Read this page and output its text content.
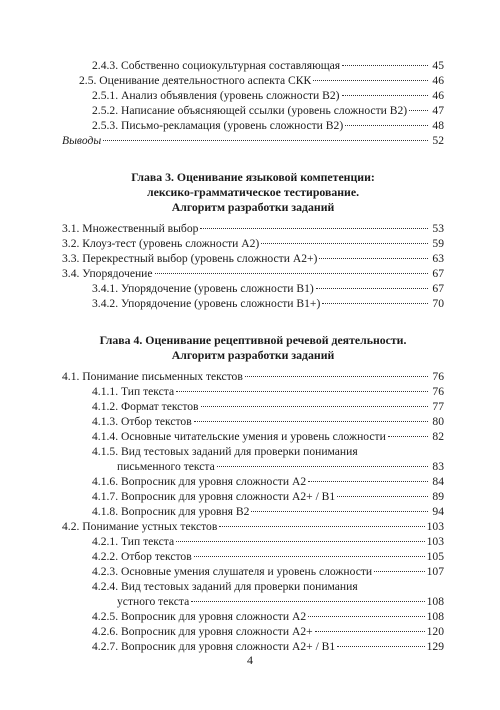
2.4.3. Собственно социокультурная составляющая	45
2.5. Оценивание деятельностного аспекта СКК	46
2.5.1. Анализ объявления (уровень сложности В2)	46
2.5.2. Написание объясняющей ссылки (уровень сложности В2) 47
2.5.3. Письмо-рекламация (уровень сложности В2)	48
Выводы	52
Глава 3. Оценивание языковой компетенции:
лексико-грамматическое тестирование.
Алгоритм разработки заданий
3.1. Множественный выбор	53
3.2. Клоуз-тест (уровень сложности А2)	59
3.3. Перекрестный выбор (уровень сложности А2+)	63
3.4. Упорядочение	67
3.4.1. Упорядочение (уровень сложности В1)	67
3.4.2. Упорядочение (уровень сложности В1+)	70
Глава 4. Оценивание рецептивной речевой деятельности.
Алгоритм разработки заданий
4.1. Понимание письменных текстов	76
4.1.1. Тип текста	76
4.1.2. Формат текстов	77
4.1.3. Отбор текстов	80
4.1.4. Основные читательские умения и уровень сложности	82
4.1.5. Вид тестовых заданий для проверки понимания
письменного текста	83
4.1.6. Вопросник для уровня сложности А2	84
4.1.7. Вопросник для уровня сложности А2+ / В1	89
4.1.8. Вопросник для уровня В2	94
4.2. Понимание устных текстов	103
4.2.1. Тип текста	103
4.2.2. Отбор текстов	105
4.2.3. Основные умения слушателя и уровень сложности	107
4.2.4. Вид тестовых заданий для проверки понимания
устного текста	108
4.2.5. Вопросник для уровня сложности А2	108
4.2.6. Вопросник для уровня сложности А2+	120
4.2.7. Вопросник для уровня сложности А2+ / В1	129
4
